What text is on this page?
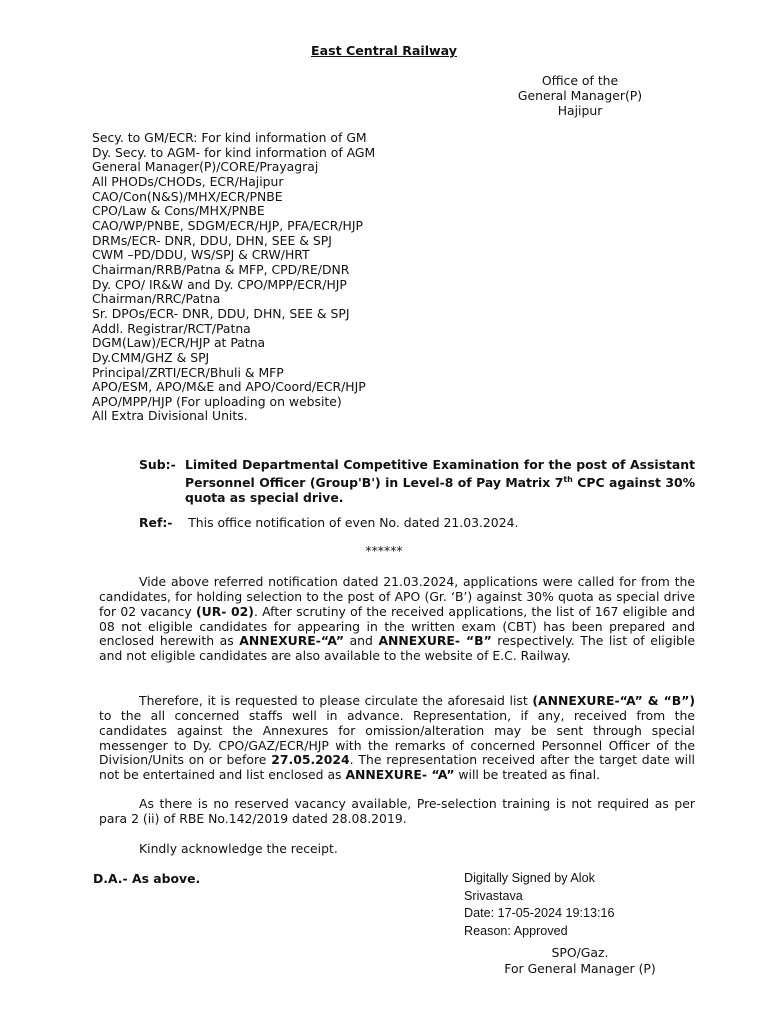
East Central Railway
Office of the
General Manager(P)
Hajipur
Secy. to GM/ECR: For kind information of GM
Dy. Secy. to AGM- for kind information of AGM
General Manager(P)/CORE/Prayagraj
All PHODs/CHODs, ECR/Hajipur
CAO/Con(N&S)/MHX/ECR/PNBE
CPO/Law & Cons/MHX/PNBE
CAO/WP/PNBE, SDGM/ECR/HJP, PFA/ECR/HJP
DRMs/ECR- DNR, DDU, DHN, SEE & SPJ
CWM –PD/DDU, WS/SPJ & CRW/HRT
Chairman/RRB/Patna & MFP, CPD/RE/DNR
Dy. CPO/ IR&W and Dy. CPO/MPP/ECR/HJP
Chairman/RRC/Patna
Sr. DPOs/ECR- DNR, DDU, DHN, SEE & SPJ
Addl. Registrar/RCT/Patna
DGM(Law)/ECR/HJP at Patna
Dy.CMM/GHZ & SPJ
Principal/ZRTI/ECR/Bhuli & MFP
APO/ESM, APO/M&E and APO/Coord/ECR/HJP
APO/MPP/HJP (For uploading on website)
All Extra Divisional Units.
Sub:- Limited Departmental Competitive Examination for the post of Assistant Personnel Officer (Group'B') in Level-8 of Pay Matrix 7th CPC against 30% quota as special drive.
Ref:- This office notification of even No. dated 21.03.2024.
******
Vide above referred notification dated 21.03.2024, applications were called for from the candidates, for holding selection to the post of APO (Gr. ‘B’) against 30% quota as special drive for 02 vacancy (UR- 02). After scrutiny of the received applications, the list of 167 eligible and 08 not eligible candidates for appearing in the written exam (CBT) has been prepared and enclosed herewith as ANNEXURE-“A” and ANNEXURE- “B” respectively. The list of eligible and not eligible candidates are also available to the website of E.C. Railway.
Therefore, it is requested to please circulate the aforesaid list (ANNEXURE-“A” & “B”) to the all concerned staffs well in advance. Representation, if any, received from the candidates against the Annexures for omission/alteration may be sent through special messenger to Dy. CPO/GAZ/ECR/HJP with the remarks of concerned Personnel Officer of the Division/Units on or before 27.05.2024. The representation received after the target date will not be entertained and list enclosed as ANNEXURE- “A” will be treated as final.
As there is no reserved vacancy available, Pre-selection training is not required as per para 2 (ii) of RBE No.142/2019 dated 28.08.2019.
Kindly acknowledge the receipt.
D.A.- As above.	Digitally Signed by Alok
Srivastava
Date: 17-05-2024 19:13:16
Reason: Approved
SPO/Gaz.
For General Manager (P)
